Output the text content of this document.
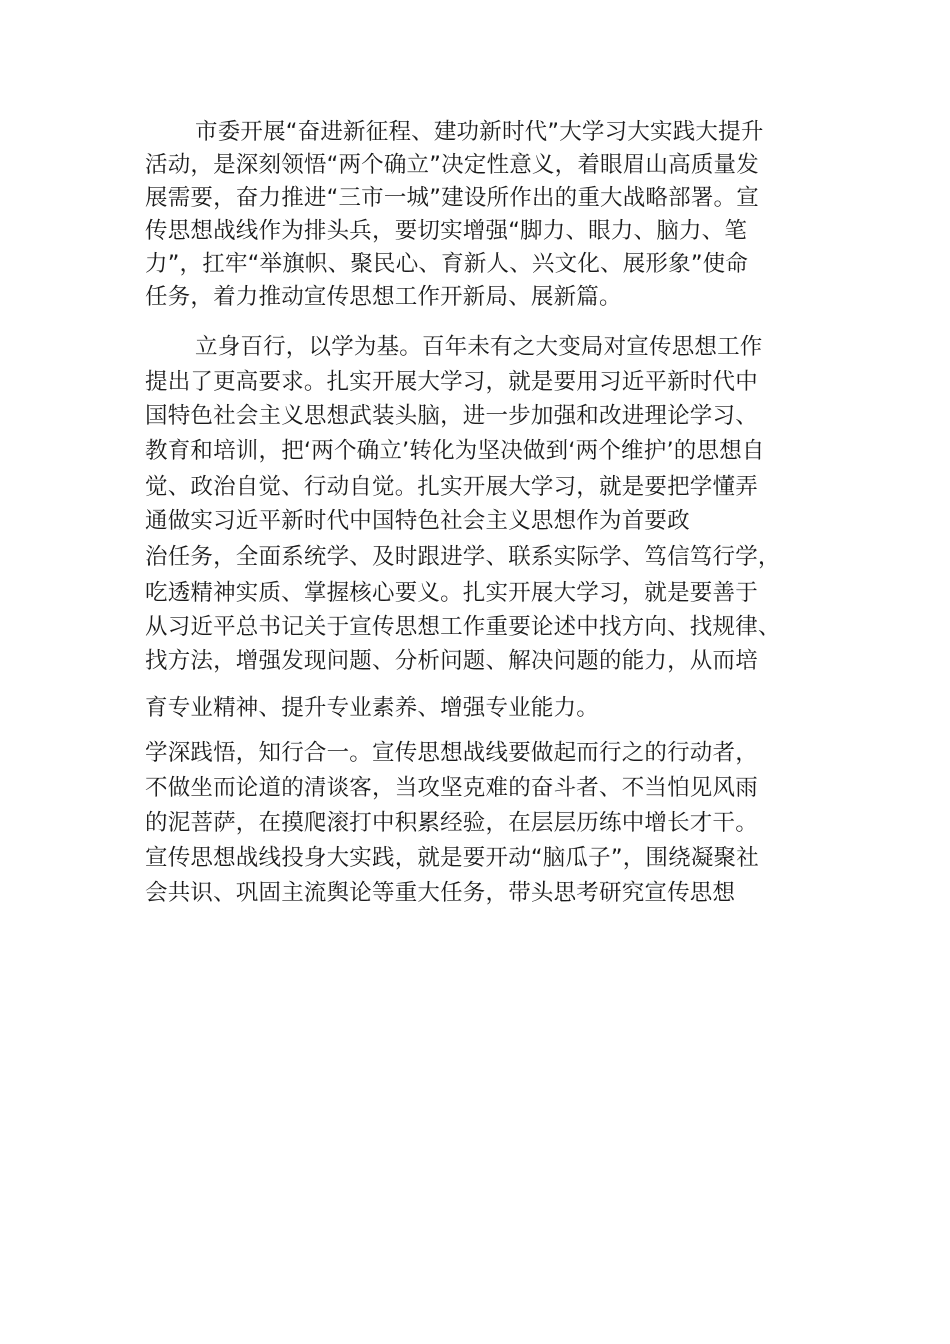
市委开展“奋进新征程、建功新时代”大学习大实践大提升
活动，是深刻领悟“两个确立”决定性意义，着眼眉山高质量发
展需要，奋力推进“三市一城”建设所作出的重大战略部署。宣
传思想战线作为排头兵，要切实增强“脚力、眼力、脑力、笔
力”，扛牢“举旗帜、聚民心、育新人、兴文化、展形象”使命
任务，着力推动宣传思想工作开新局、展新篇。
立身百行，以学为基。百年未有之大变局对宣传思想工作
提出了更高要求。扎实开展大学习，就是要用习近平新时代中
国特色社会主义思想武装头脑，进一步加强和改进理论学习、
教育和培训，把‘两个确立’转化为坚决做到‘两个维护’的思想自
觉、政治自觉、行动自觉。扎实开展大学习，就是要把学懂弄
通做实习近平新时代中国特色社会主义思想作为首要政
治任务，全面系统学、及时跟进学、联系实际学、笃信笃行学，
吃透精神实质、掌握核心要义。扎实开展大学习，就是要善于
从习近平总书记关于宣传思想工作重要论述中找方向、找规律、
找方法，增强发现问题、分析问题、解决问题的能力，从而培
育专业精神、提升专业素养、增强专业能力。
学深践悟，知行合一。宣传思想战线要做起而行之的行动者，
不做坐而论道的清谈客，当攻坚克难的奋斗者、不当怕见风雨
的泥菩萨，在摸爬滚打中积累经验，在层层历练中增长才干。
宣传思想战线投身大实践，就是要开动“脑瓜子”，围绕凝聚社
会共识、巩固主流舆论等重大任务，带头思考研究宣传思想
